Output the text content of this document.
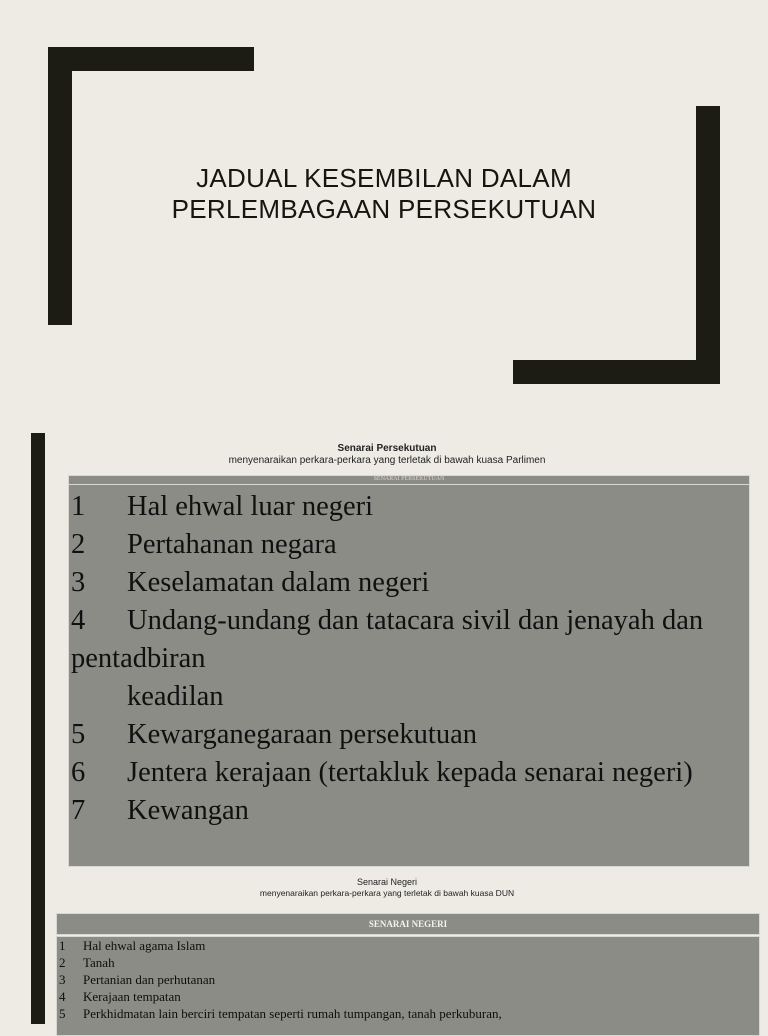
JADUAL KESEMBILAN DALAM
PERLEMBAGAAN PERSEKUTUAN
Senarai Persekutuan
menyenaraikan perkara-perkara yang terletak di bawah kuasa Parlimen
SENARAI PERSEKUTUAN
1 Hal ehwal luar negeri
2 Pertahanan negara
3 Keselamatan dalam negeri
4 Undang-undang dan tatacara sivil dan jenayah dan pentadbiran
keadilan
5 Kewarganegaraan persekutuan
6 Jentera kerajaan (tertakluk kepada senarai negeri)
7 Kewangan
Senarai Negeri
menyenaraikan perkara-perkara yang terletak di bawah kuasa DUN
SENARAI NEGERI
1 Hal ehwal agama Islam
2 Tanah
3 Pertanian dan perhutanan
4 Kerajaan tempatan
5 Perkhidmatan lain berciri tempatan seperti rumah tumpangan, tanah perkuburan,
